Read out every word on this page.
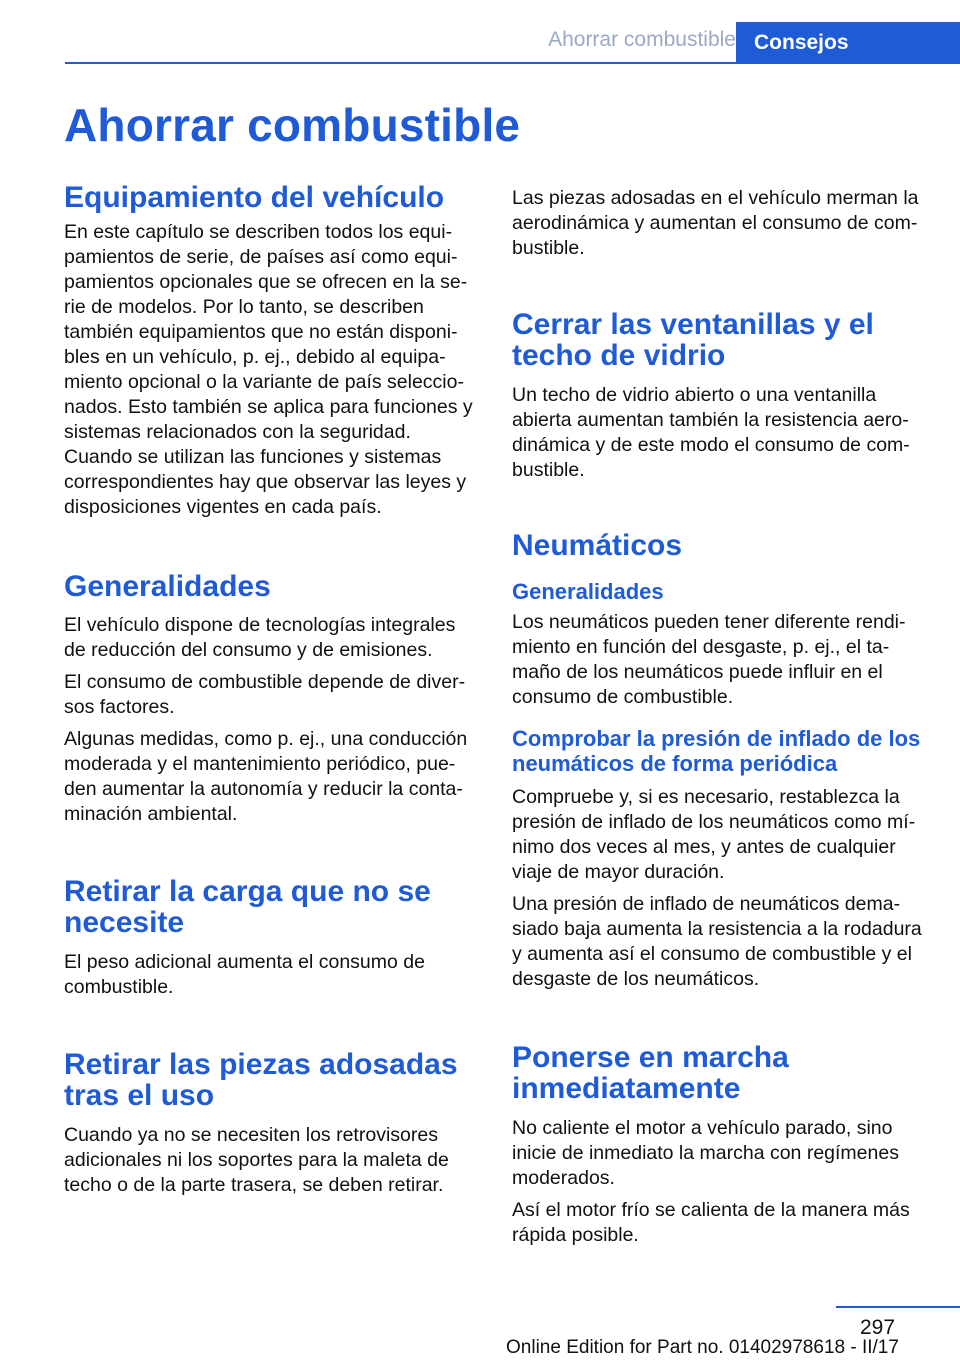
Ahorrar combustible Consejos
Ahorrar combustible
Equipamiento del vehículo

En este capítulo se describen todos los equi‐
pamientos de serie, de países así como equi‐
pamientos opcionales que se ofrecen en la se‐
rie de modelos. Por lo tanto, se describen
también equipamientos que no están disponi‐
bles en un vehículo, p. ej., debido al equipa‐
miento opcional o la variante de país seleccio‐
nados. Esto también se aplica para funciones y
sistemas relacionados con la seguridad.
Cuando se utilizan las funciones y sistemas
correspondientes hay que observar las leyes y
disposiciones vigentes en cada país.

Generalidades

El vehículo dispone de tecnologías integrales
de reducción del consumo y de emisiones.

El consumo de combustible depende de diver‐
sos factores.

Algunas medidas, como p. ej., una conducción
moderada y el mantenimiento periódico, pue‐
den aumentar la autonomía y reducir la conta‐
minación ambiental.

Retirar la carga que no se
necesite

El peso adicional aumenta el consumo de
combustible.

Retirar las piezas adosadas
tras el uso

Cuando ya no se necesiten los retrovisores
adicionales ni los soportes para la maleta de
techo o de la parte trasera, se deben retirar.

Las piezas adosadas en el vehículo merman la
aerodinámica y aumentan el consumo de com‐
bustible.

Cerrar las ventanillas y el
techo de vidrio

Un techo de vidrio abierto o una ventanilla
abierta aumentan también la resistencia aero‐
dinámica y de este modo el consumo de com‐
bustible.

Neumáticos
Generalidades

Los neumáticos pueden tener diferente rendi‐
miento en función del desgaste, p. ej., el ta‐
maño de los neumáticos puede influir en el
consumo de combustible.

Comprobar la presión de inflado de los
neumáticos de forma periódica

Compruebe y, si es necesario, restablezca la
presión de inflado de los neumáticos como mí‐
nimo dos veces al mes, y antes de cualquier
viaje de mayor duración.

Una presión de inflado de neumáticos dema‐
siado baja aumenta la resistencia a la rodadura
y aumenta así el consumo de combustible y el
desgaste de los neumáticos.

Ponerse en marcha
inmediatamente

No caliente el motor a vehículo parado, sino
inicie de inmediato la marcha con regímenes
moderados.

Así el motor frío se calienta de la manera más
rápida posible.

297
Online Edition for Part no. 01402978618 - II/17
